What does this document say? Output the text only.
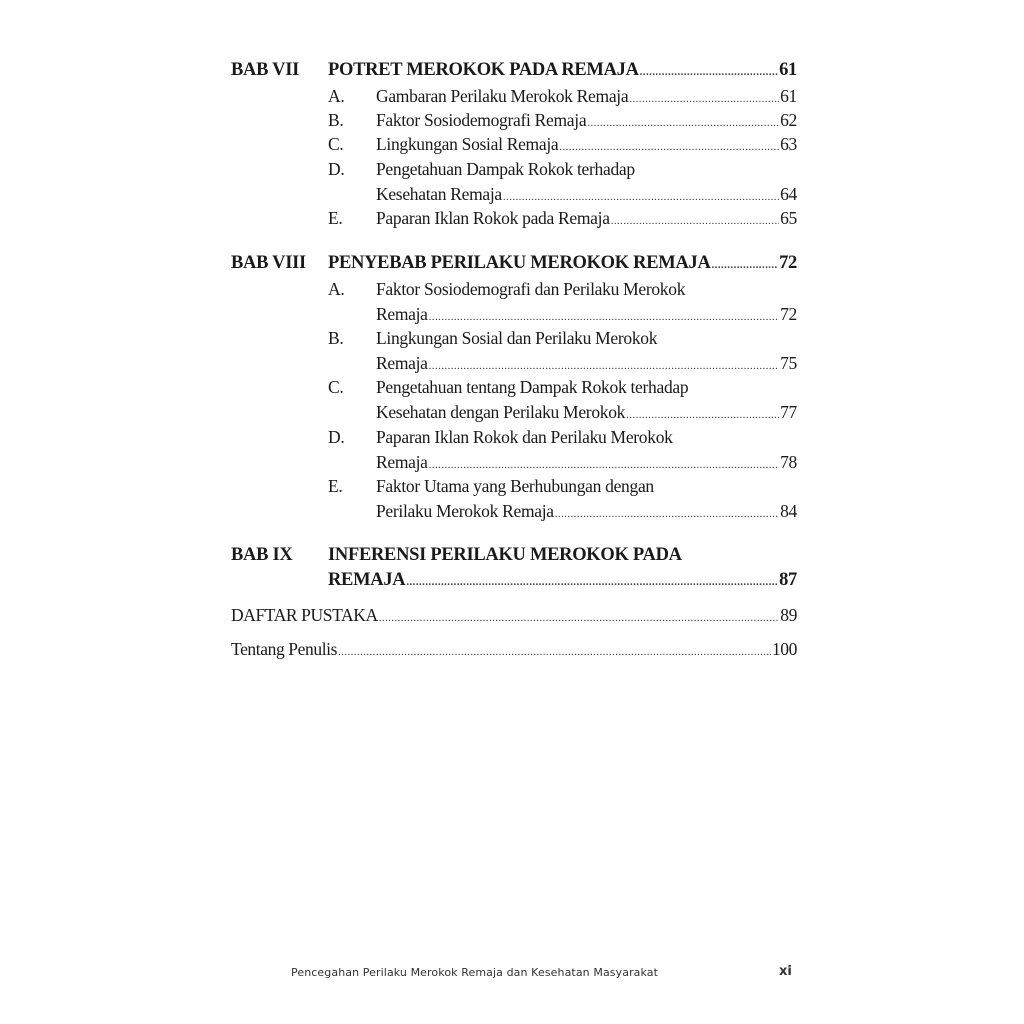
BAB VII POTRET MEROKOK PADA REMAJA .....	61
A. Gambaran Perilaku Merokok Remaja .....	61
B. Faktor Sosiodemografi Remaja .....	62
C. Lingkungan Sosial Remaja .....	63
D. Pengetahuan Dampak Rokok terhadap
Kesehatan Remaja .....	64
E. Paparan Iklan Rokok pada Remaja .....	65
BAB VIII PENYEBAB PERILAKU MEROKOK REMAJA .....	72
A. Faktor Sosiodemografi dan Perilaku Merokok
Remaja .....	72
B. Lingkungan Sosial dan Perilaku Merokok
Remaja .....	75
C. Pengetahuan tentang Dampak Rokok terhadap
Kesehatan dengan Perilaku Merokok .....	77
D. Paparan Iklan Rokok dan Perilaku Merokok
Remaja .....	78
E. Faktor Utama yang Berhubungan dengan
Perilaku Merokok Remaja .....	84
BAB IX INFERENSI PERILAKU MEROKOK PADA
REMAJA .....	87
DAFTAR PUSTAKA .....	89
Tentang Penulis .....	100
Pencegahan Perilaku Merokok Remaja dan Kesehatan Masyarakat	xi
